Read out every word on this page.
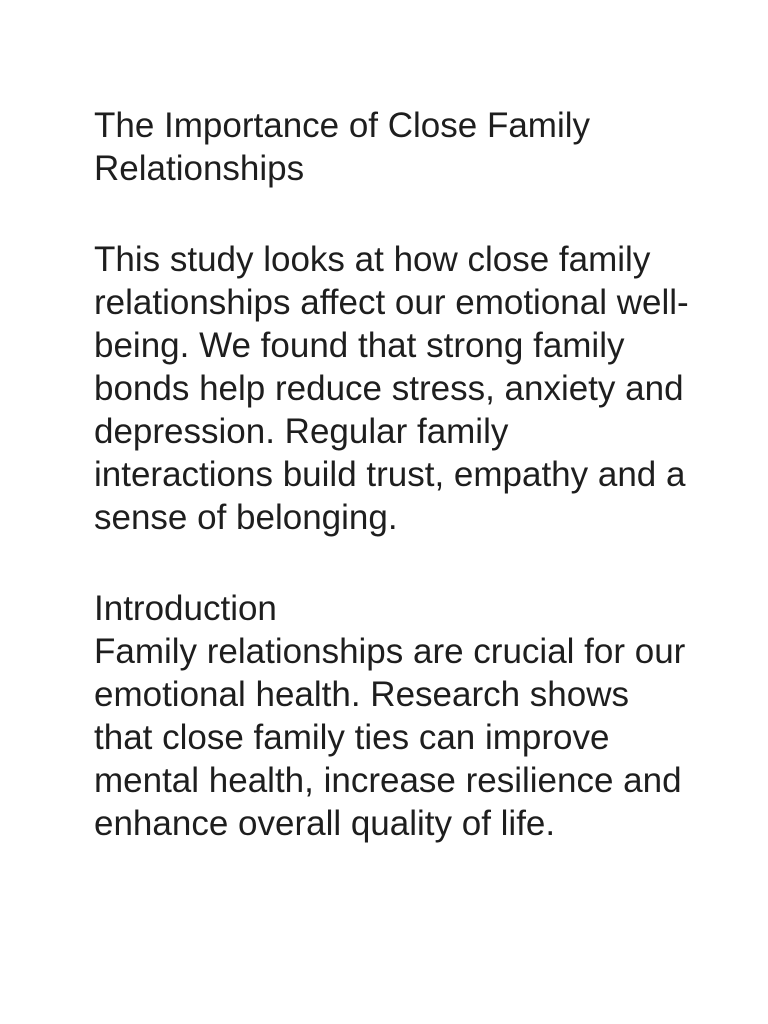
The Importance of Close Family Relationships

This study looks at how close family relationships affect our emotional well-being. We found that strong family bonds help reduce stress, anxiety and depression. Regular family interactions build trust, empathy and a sense of belonging.

Introduction

Family relationships are crucial for our emotional health. Research shows that close family ties can improve mental health, increase resilience and enhance overall quality of life.
